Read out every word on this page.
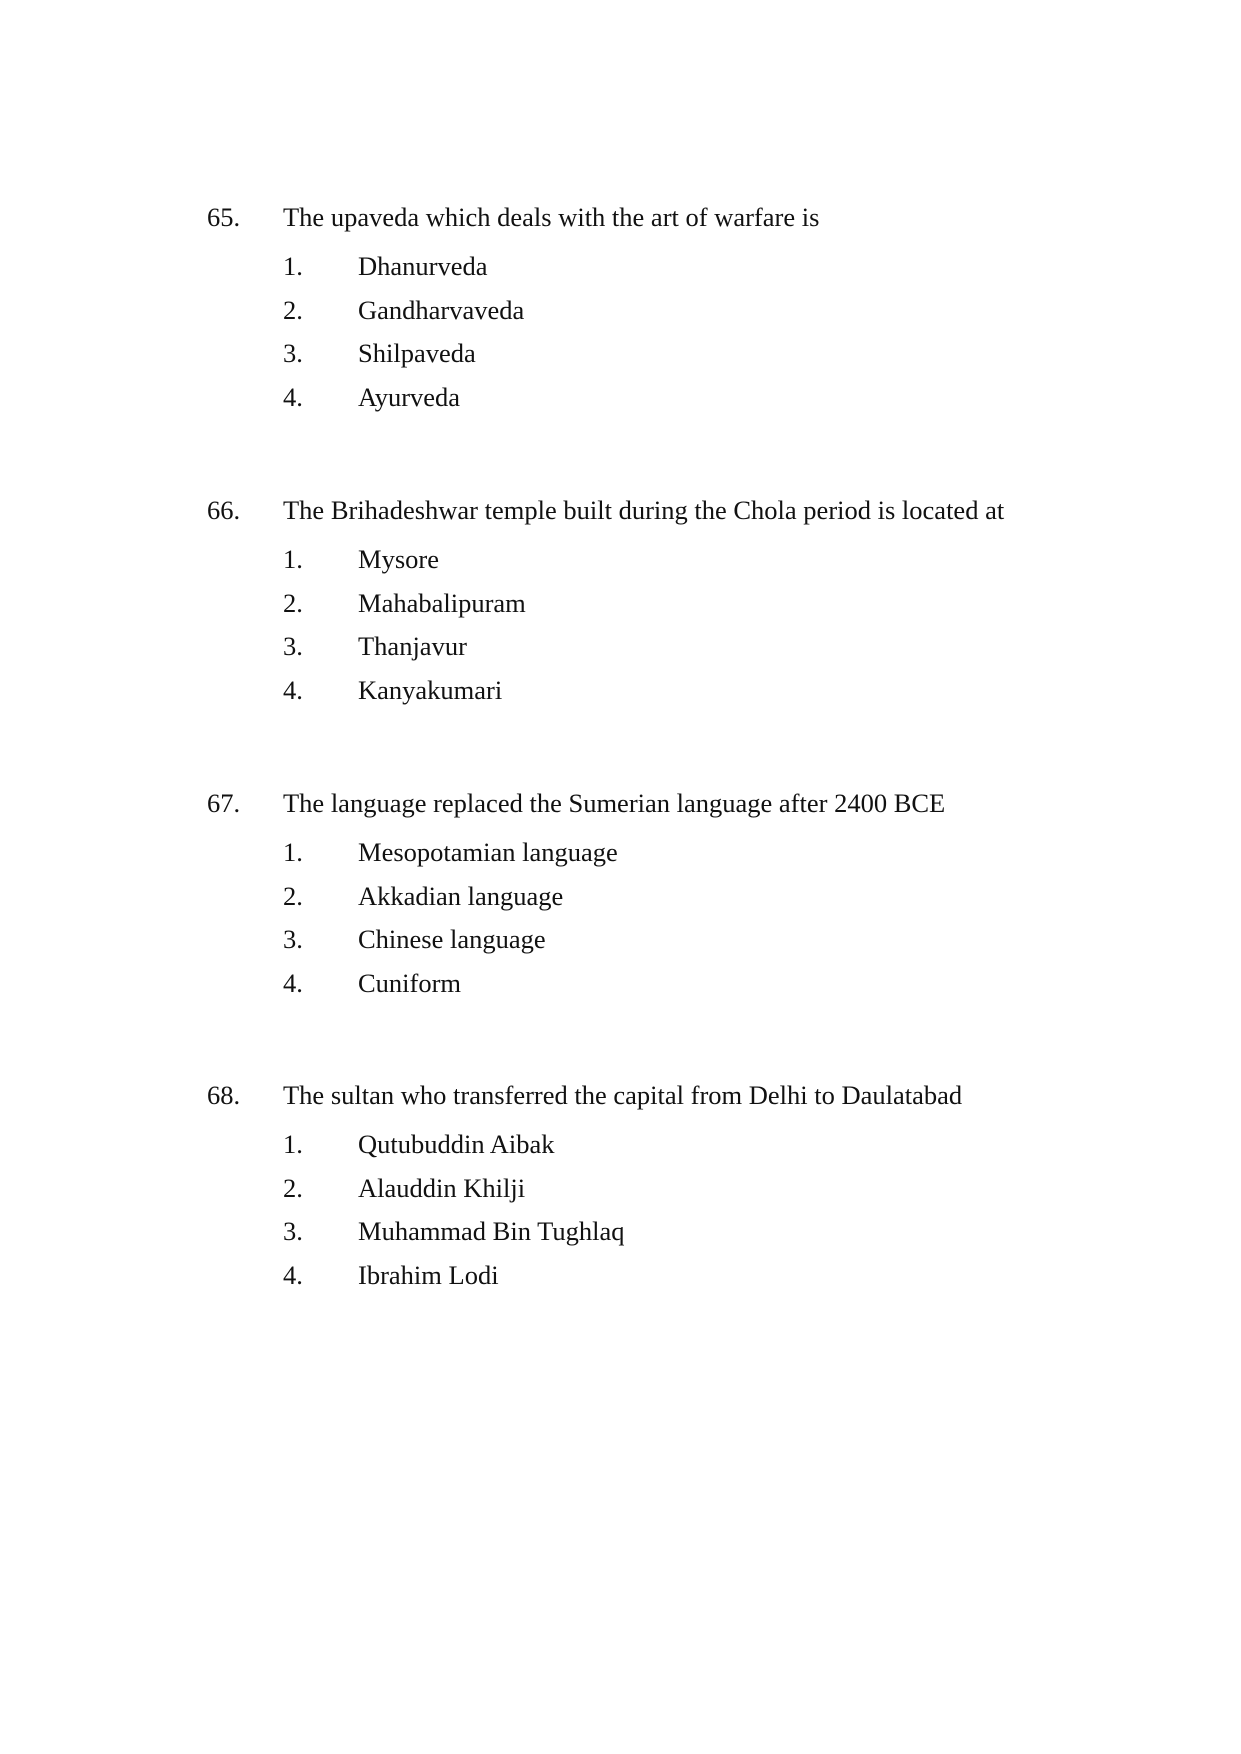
65. The upaveda which deals with the art of warfare is
1. Dhanurveda
2. Gandharvaveda
3. Shilpaveda
4. Ayurveda
66. The Brihadeshwar temple built during the Chola period is located at
1. Mysore
2. Mahabalipuram
3. Thanjavur
4. Kanyakumari
67. The language replaced the Sumerian language after 2400 BCE
1. Mesopotamian language
2. Akkadian language
3. Chinese language
4. Cuniform
68. The sultan who transferred the capital from Delhi to Daulatabad
1. Qutubuddin Aibak
2. Alauddin Khilji
3. Muhammad Bin Tughlaq
4. Ibrahim Lodi
